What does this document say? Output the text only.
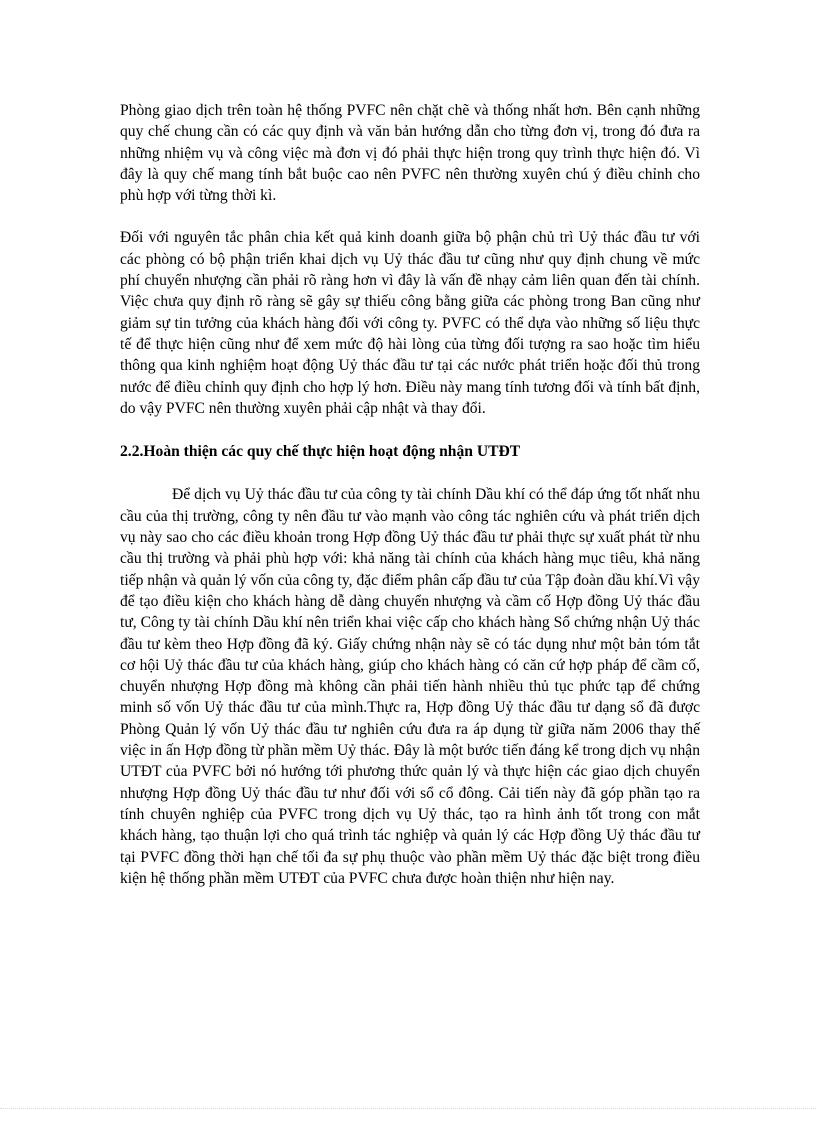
Phòng giao dịch trên toàn hệ thống PVFC nên chặt chẽ và thống nhất hơn. Bên cạnh những quy chế chung cần có các quy định và văn bản hướng dẫn cho từng đơn vị, trong đó đưa ra những nhiệm vụ và công việc mà đơn vị đó phải thực hiện trong quy trình thực hiện đó. Vì đây là quy chế mang tính bắt buộc cao nên PVFC nên thường xuyên chú ý điều chỉnh cho phù hợp với từng thời kì.

Đối với nguyên tắc phân chia kết quả kinh doanh giữa bộ phận chủ trì Uỷ thác đầu tư với các phòng có bộ phận triển khai dịch vụ Uỷ thác đầu tư cũng như quy định chung về mức phí chuyển nhượng cần phải rõ ràng hơn vì đây là vấn đề nhạy cảm liên quan đến tài chính. Việc chưa quy định rõ ràng sẽ gây sự thiếu công bằng giữa các phòng trong Ban cũng như giảm sự tin tưởng của khách hàng đối với công ty. PVFC có thể dựa vào những số liệu thực tế để thực hiện cũng như để xem mức độ hài lòng của từng đối tượng ra sao hoặc tìm hiểu thông qua kinh nghiệm hoạt động Uỷ thác đầu tư tại các nước phát triển hoặc đối thủ trong nước để điều chỉnh quy định cho hợp lý hơn. Điều này mang tính tương đối và tính bất định, do vậy PVFC nên thường xuyên phải cập nhật và thay đổi.

2.2.Hoàn thiện các quy chế thực hiện hoạt động nhận UTĐT

Để dịch vụ Uỷ thác đầu tư của công ty tài chính Dầu khí có thể đáp ứng tốt nhất nhu cầu của thị trường, công ty nên đầu tư vào mạnh vào công tác nghiên cứu và phát triển dịch vụ này sao cho các điều khoản trong Hợp đồng Uỷ thác đầu tư phải thực sự xuất phát từ nhu cầu thị trường và phải phù hợp với: khả năng tài chính của khách hàng mục tiêu, khả năng tiếp nhận và quản lý vốn của công ty, đặc điểm phân cấp đầu tư của Tập đoàn dầu khí.Vì vậy để tạo điều kiện cho khách hàng dễ dàng chuyển nhượng và cầm cố Hợp đồng Uỷ thác đầu tư, Công ty tài chính Dầu khí nên triển khai việc cấp cho khách hàng Sổ chứng nhận Uỷ thác đầu tư kèm theo Hợp đồng đã ký. Giấy chứng nhận này sẽ có tác dụng như một bản tóm tắt cơ hội Uỷ thác đầu tư của khách hàng, giúp cho khách hàng có căn cứ hợp pháp để cầm cố, chuyển nhượng Hợp đồng mà không cần phải tiến hành nhiều thủ tục phức tạp để chứng minh số vốn Uỷ thác đầu tư của mình.Thực ra, Hợp đồng Uỷ thác đầu tư dạng sổ đã được Phòng Quản lý vốn Uỷ thác đầu tư nghiên cứu đưa ra áp dụng từ giữa năm 2006 thay thế việc in ấn Hợp đồng từ phần mềm Uỷ thác. Đây là một bước tiến đáng kể trong dịch vụ nhận UTĐT của PVFC bởi nó hướng tới phương thức quản lý và thực hiện các giao dịch chuyển nhượng Hợp đồng Uỷ thác đầu tư như đối với sổ cổ đông. Cải tiến này đã góp phần tạo ra tính chuyên nghiệp của PVFC trong dịch vụ Uỷ thác, tạo ra hình ảnh tốt trong con mắt khách hàng, tạo thuận lợi cho quá trình tác nghiệp và quản lý các Hợp đồng Uỷ thác đầu tư tại PVFC đồng thời hạn chế tối đa sự phụ thuộc vào phần mềm Uỷ thác đặc biệt trong điều kiện hệ thống phần mềm UTĐT của PVFC chưa được hoàn thiện như hiện nay.
